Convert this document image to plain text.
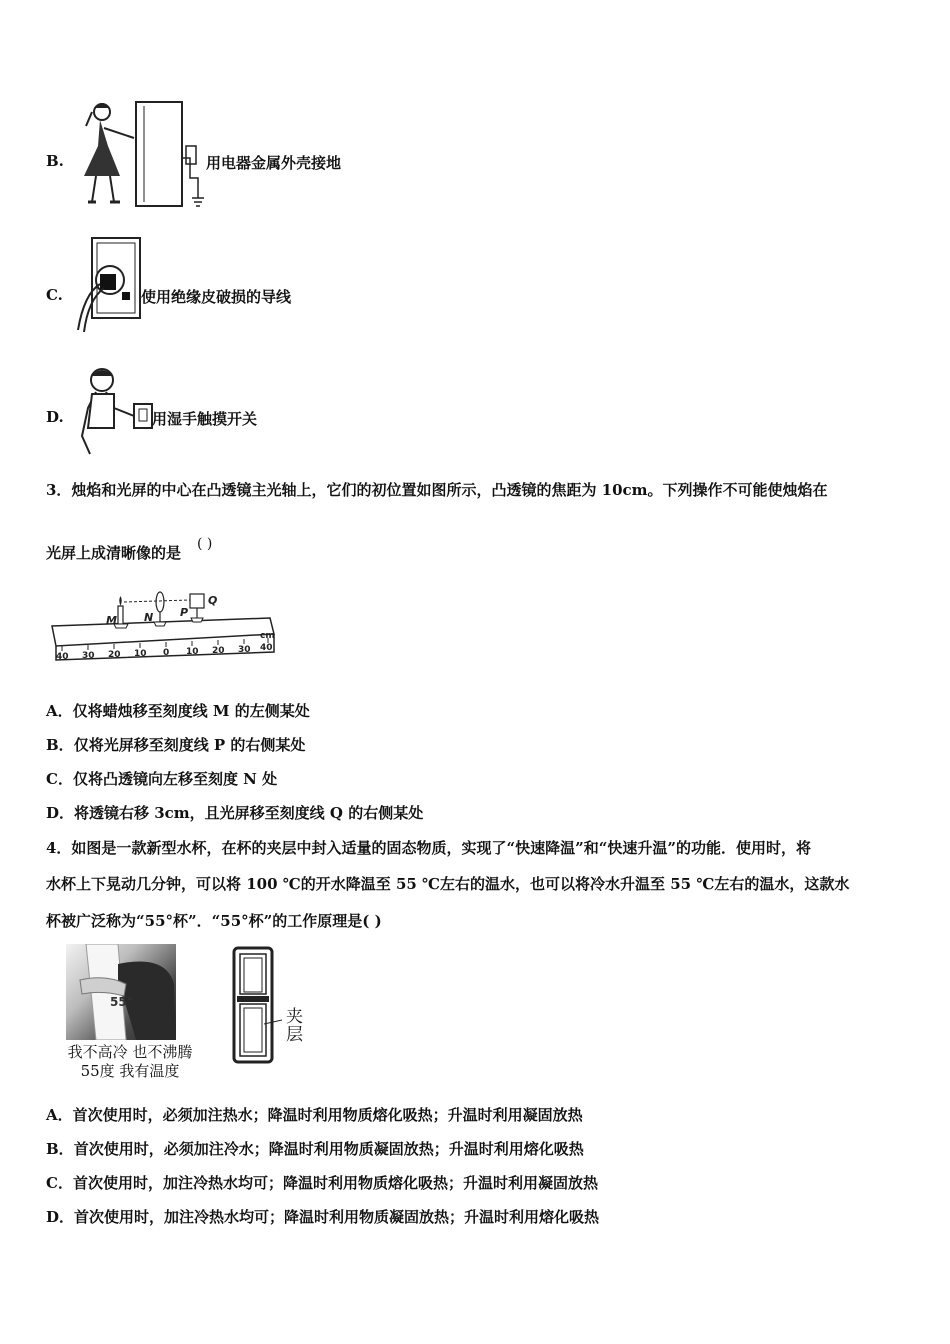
B.	用电器金属外壳接地
C.	使用绝缘皮破损的导线
D.	用湿手触摸开关
3．烛焰和光屏的中心在凸透镜主光轴上，它们的初位置如图所示，凸透镜的焦距为 10cm。下列操作不可能使烛焰在
光屏上成清晰像的是 ( )
40 30 20 10 0 10 20 30 40
cm
M N P
Q
A．仅将蜡烛移至刻度线 M 的左侧某处
B．仅将光屏移至刻度线 P 的右侧某处
C．仅将凸透镜向左移至刻度 N 处
D．将透镜右移 3cm，且光屏移至刻度线 Q 的右侧某处
4．如图是一款新型水杯，在杯的夹层中封入适量的固态物质，实现了“快速降温”和“快速升温”的功能．使用时，将
水杯上下晃动几分钟，可以将 100 ℃的开水降温至 55 ℃左右的温水，也可以将冷水升温至 55 ℃左右的温水，这款水
杯被广泛称为“55°杯”．“55°杯”的工作原理是( )
55°
我不高冷 也不沸腾
55度 我有温度
夹
层
A．首次使用时，必须加注热水；降温时利用物质熔化吸热；升温时利用凝固放热
B．首次使用时，必须加注冷水；降温时利用物质凝固放热；升温时利用熔化吸热
C．首次使用时，加注冷热水均可；降温时利用物质熔化吸热；升温时利用凝固放热
D．首次使用时，加注冷热水均可；降温时利用物质凝固放热；升温时利用熔化吸热
